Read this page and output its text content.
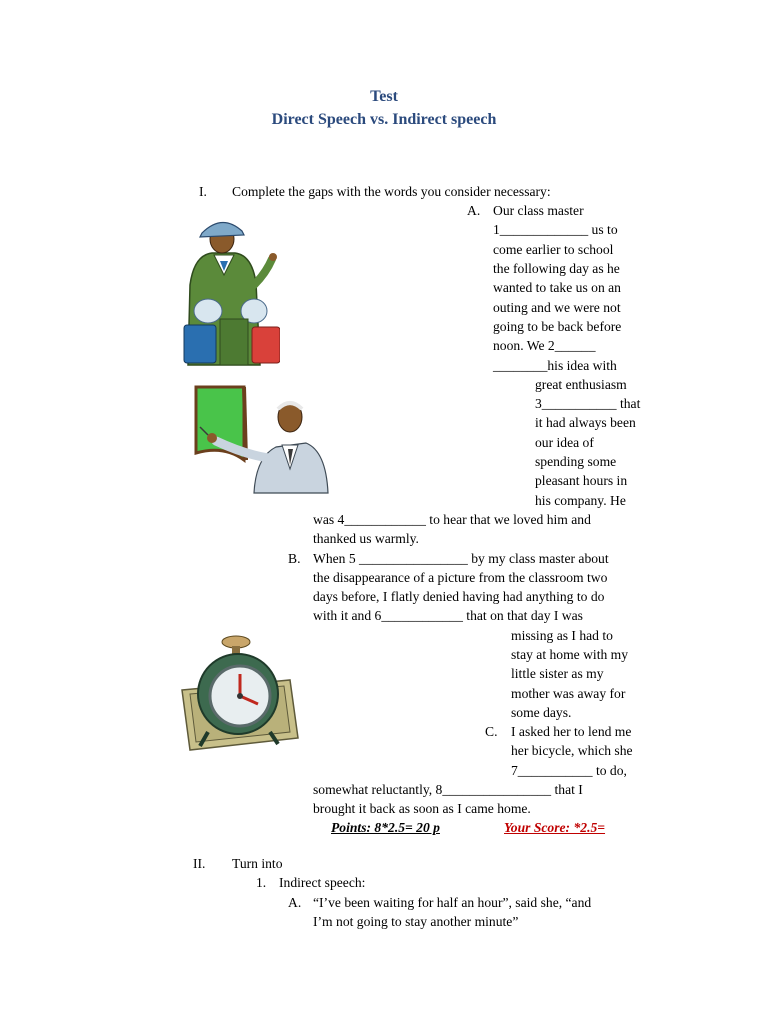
Test
Direct Speech vs. Indirect speech
I. Complete the gaps with the words you consider necessary:
A. Our class master
1_____________ us to
come earlier to school
the following day as he
wanted to take us on an
outing and we were not
going to be back before
noon. We 2______
________his idea with
great enthusiasm
3___________ that
it had always been
our idea of
spending some
pleasant hours in
his company. He
was 4____________ to hear that we loved him and
thanked us warmly.
B. When 5 ________________ by my class master about
the disappearance of a picture from the classroom two
days before, I flatly denied having had anything to do
with it and 6____________ that on that day I was
missing as I had to
stay at home with my
little sister as my
mother was away for
some days.
C. I asked her to lend me
her bicycle, which she
7___________ to do,
somewhat reluctantly, 8________________ that I
brought it back as soon as I came home.
Points: 8*2.5= 20 p	Your Score: *2.5=
II. Turn into
1. Indirect speech:
A. “I’ve been waiting for half an hour”, said she, “and
I’m not going to stay another minute”
